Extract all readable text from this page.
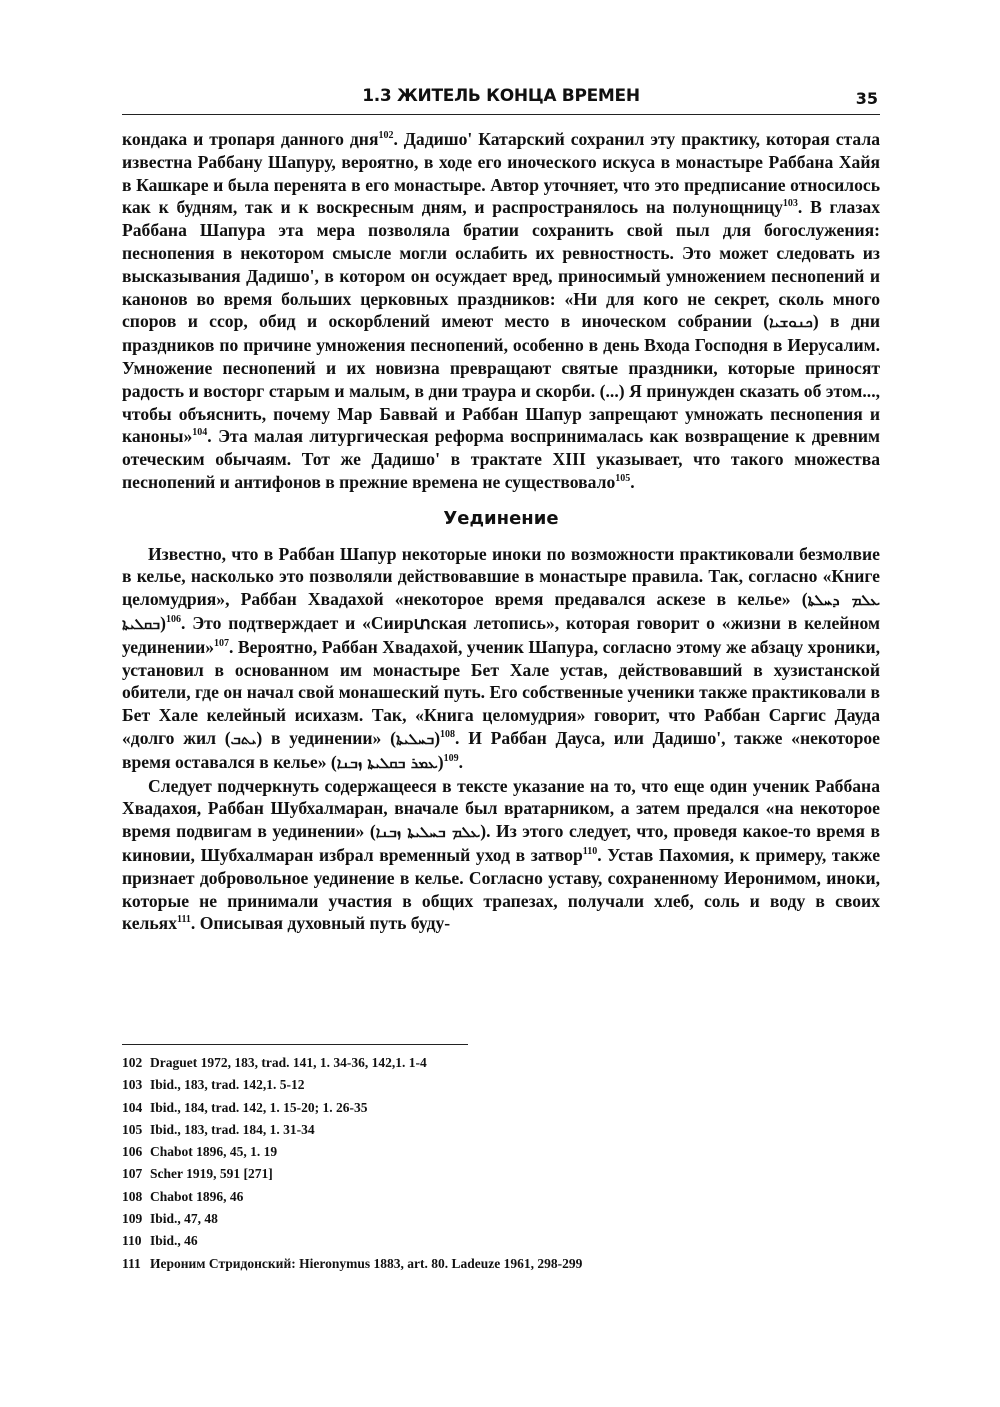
1.3 ЖИТЕЛЬ КОНЦА ВРЕМЕН	35

кондака и тропаря данного дня$^{102}$. Дадишо' Катарский сохранил эту практику, которая стала известна Раббану Шапуру, вероятно, в ходе его иноческого искуса в монастыре Раббана Хайя в Кашкаре и была перенята в его монастыре. Автор уточняет, что это предписание относилось как к будням, так и к воскресным дням, и распространялось на полунощницу$^{103}$. В глазах Раббана Шапура эта мера позволяла братии сохранить свой пыл для богослужения: песнопения в некотором смысле могли ослабить их ревностность. Это может следовать из высказывания Дадишо', в котором он осуждает вред, приносимый умножением песнопений и канонов во время больших церковных праздников: «Ни для кого не секрет, сколь много споров и ссор, обид и оскорблений имеют место в иноческом собрании (ܟܢܘܫܝܐ) в дни праздников по причине умножения песнопений, особенно в день Входа Господня в Иерусалим. Умножение песнопений и их новизна превращают святые праздники, которые приносят радость и восторг старым и малым, в дни траура и скорби. (...) Я принужден сказать об этом..., чтобы объяснить, почему Мар Баввай и Раббан Шапур запрещают умножать песнопения и каноны»$^{104}$. Эта малая литургическая реформа воспринималась как возвращение к древним отеческим обычаям. Тот же Дадишо' в трактате XIII указывает, что такого множества песнопений и антифонов в прежние времена не существовало$^{105}$.

Уединение

Известно, что в Раббан Шапур некоторые иноки по возможности практиковали безмолвие в келье, насколько это позволяли действовавшие в монастыре правила. Так, согласно «Книге целомудрия», Раббан Хвадахой «некоторое время предавался аскезе в келье» (ܥܠܡ ܕܚܠܬܐ ܒܩܠܝܬܐ)$^{106}$. Это подтверждает и «Сиирտская летопись», которая говорит о «жизни в келейном уединении»$^{107}$. Вероятно, Раббан Хвадахой, ученик Шапура, согласно этому же абзацу хроники, установил в основанном им монастыре Бет Хале устав, действовавший в хузистанской обители, где он начал свой монашеский путь. Его собственные ученики также практиковали в Бет Хале келейный исихазм. Так, «Книга целомудрия» говорит, что Раббан Саргис Дауда «долго жил (ܝܬܒ) в уединении» (ܒܚܠܝܬܐ)$^{108}$. И Раббан Дауса, или Дадишо', также «некоторое время оставался в келье» (ܥܡܪ ܒܩܠܝܬܐ ܙܒܢܐ)$^{109}$.

Следует подчеркнуть содержащееся в тексте указание на то, что еще один ученик Раббана Хвадахоя, Раббан Шубхалмаран, вначале был вратарником, а затем предался «на некоторое время подвигам в уединении» (ܥܠܡ ܒܚܠܝܬܐ ܙܒܢܐ). Из этого следует, что, проведя какое-то время в киновии, Шубхалмаран избрал временный уход в затвор$^{110}$. Устав Пахомия, к примеру, также признает добровольное уединение в келье. Согласно уставу, сохраненному Иеронимом, иноки, которые не принимали участия в общих трапезах, получали хлеб, соль и воду в своих кельях$^{111}$. Описывая духовный путь буду-

102 Draguet 1972, 183, trad. 141, 1. 34-36, 142,1. 1-4
103 Ibid., 183, trad. 142,1. 5-12
104 Ibid., 184, trad. 142, 1. 15-20; 1. 26-35
105 Ibid., 183, trad. 184, 1. 31-34
106 Chabot 1896, 45, 1. 19
107 Scher 1919, 591 [271]
108 Chabot 1896, 46
109 Ibid., 47, 48
110 Ibid., 46
111 Иероним Стридонский: Hieronymus 1883, art. 80. Ladeuze 1961, 298-299
